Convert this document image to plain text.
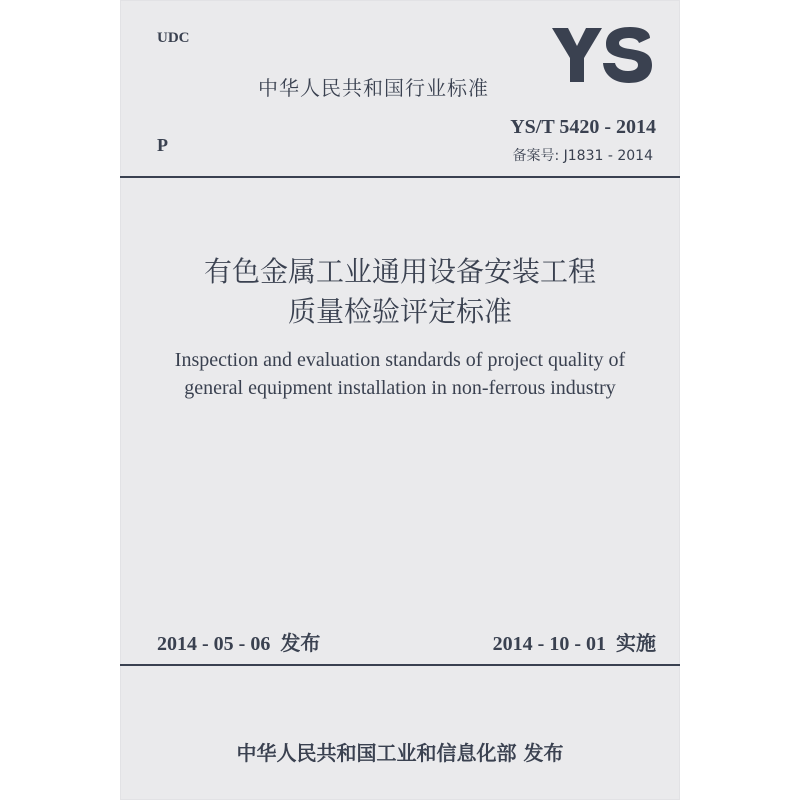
UDC
中华人民共和国行业标准
P
YS/T 5420 - 2014
备案号: J1831 - 2014
有色金属工业通用设备安装工程
质量检验评定标准
Inspection and evaluation standards of project quality of
general equipment installation in non-ferrous industry
2014 - 05 - 06 发布	2014 - 10 - 01 实施
中华人民共和国工业和信息化部 发布
